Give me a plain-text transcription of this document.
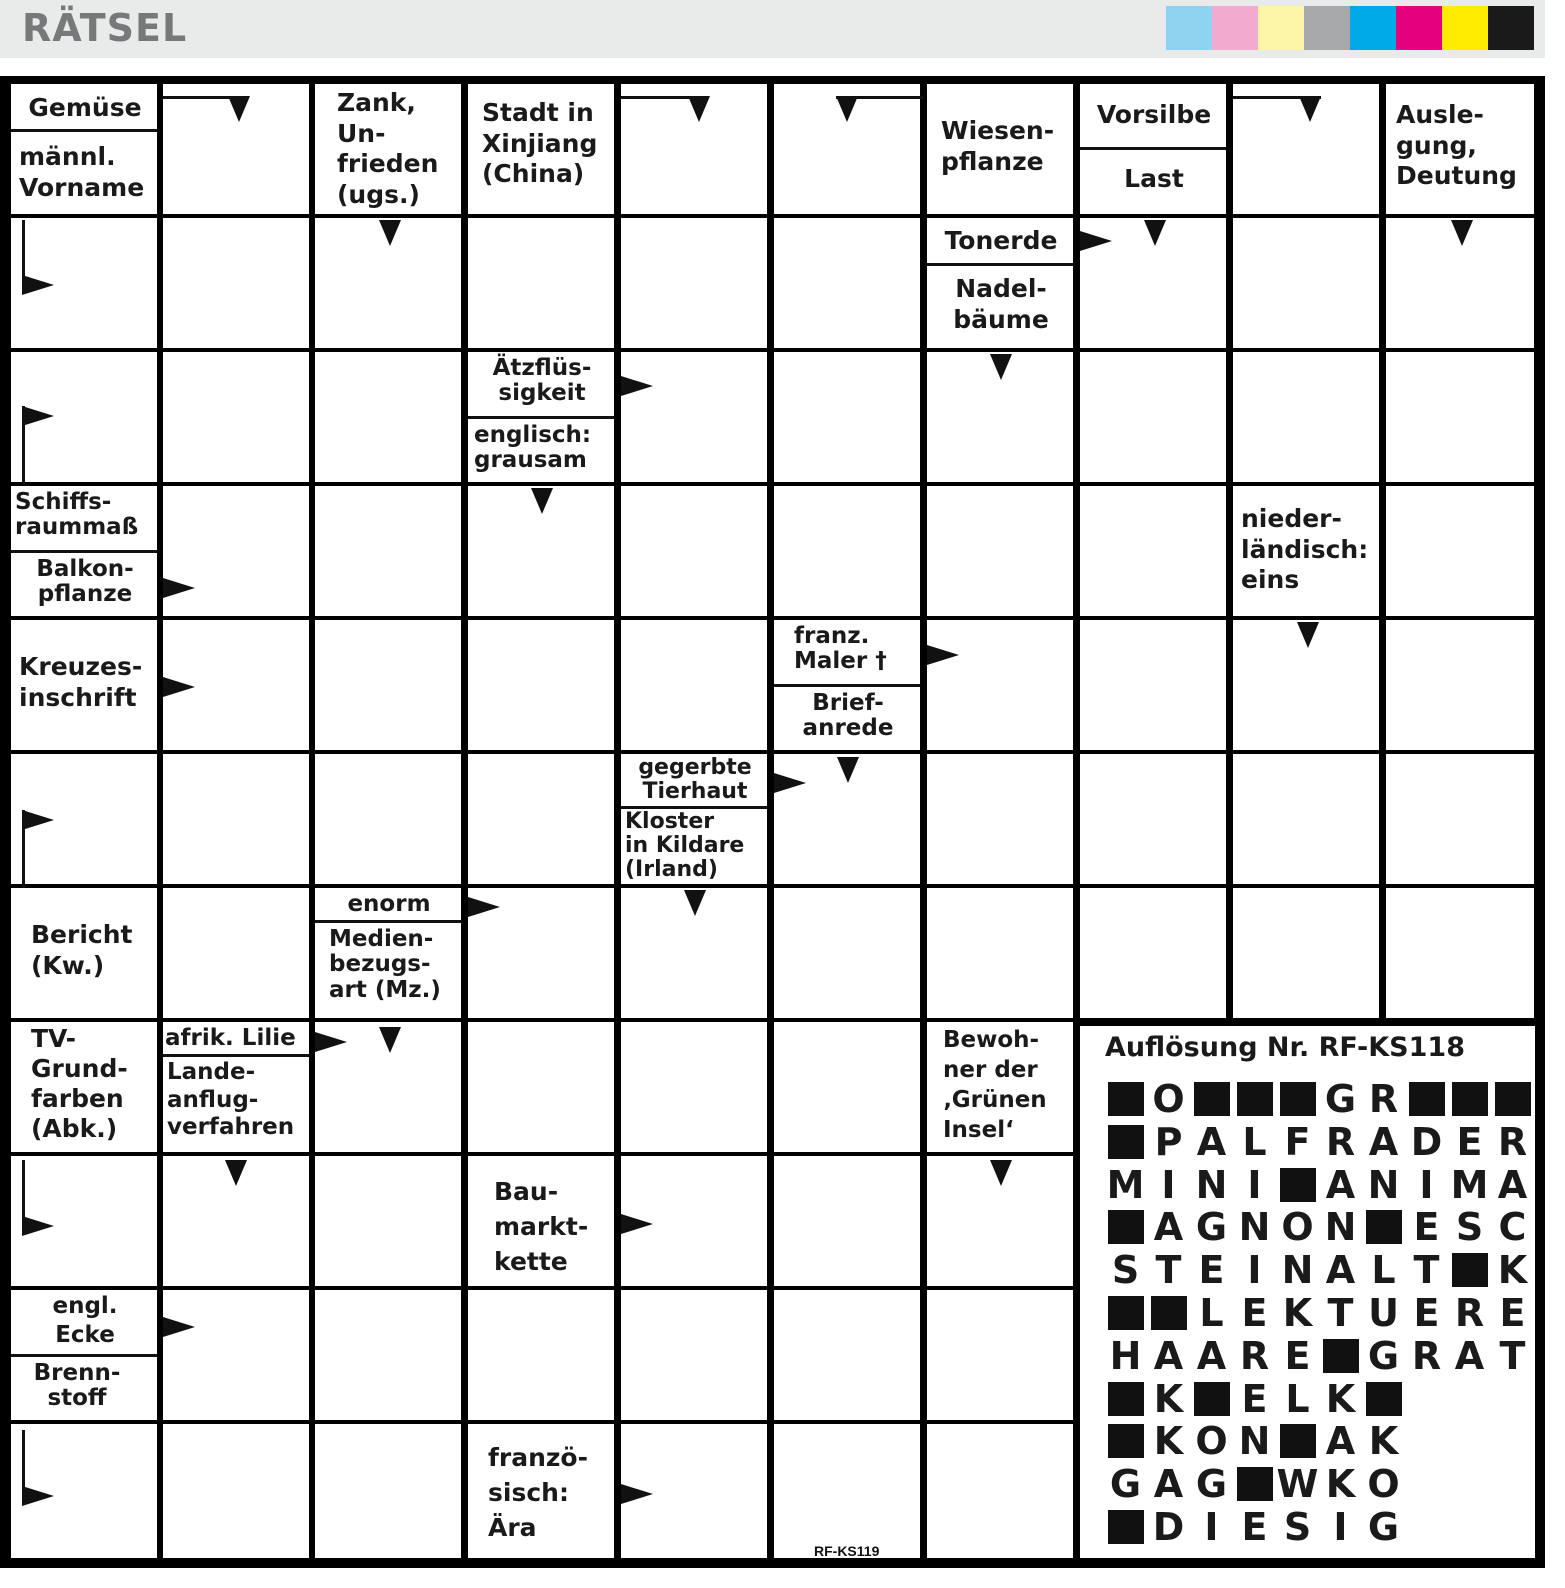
RÄTSEL
Gemüse
männl.
Vorname
Zank,
Un-
frieden
(ugs.)
Stadt in
Xinjiang
(China)
Wiesen-
pflanze
Vorsilbe
Last
Ausle-
gung,
Deutung
Tonerde
Nadel-
bäume
Ätzflüs-
sigkeit
englisch:
grausam
Schiffs-
raummaß
Balkon-
pflanze
nieder-
ländisch:
eins
Kreuzes-
inschrift
franz.
Maler †
Brief-
anrede
gegerbte
Tierhaut
Kloster
in Kildare
(Irland)
Bericht
(Kw.)
enorm
Medien-
bezugs-
art (Mz.)
TV-
Grund-
farben
(Abk.)
afrik. Lilie
Lande-
anflug-
verfahren
Bewoh-
ner der
‚Grünen
Insel‘
Bau-
markt-
kette
engl.
Ecke
Brenn-
stoff
franzö-
sisch:
Ära
Auflösung Nr. RF-KS118
O	G R
P A L F R A D E R
M I N I	A N I M A
A G N O N E S C
S T E I N A L T K
L E K T U E R E
H A A R E G R A T
K E L K
K O N A K
G A G W K O
D I E S I G
RF-KS119
